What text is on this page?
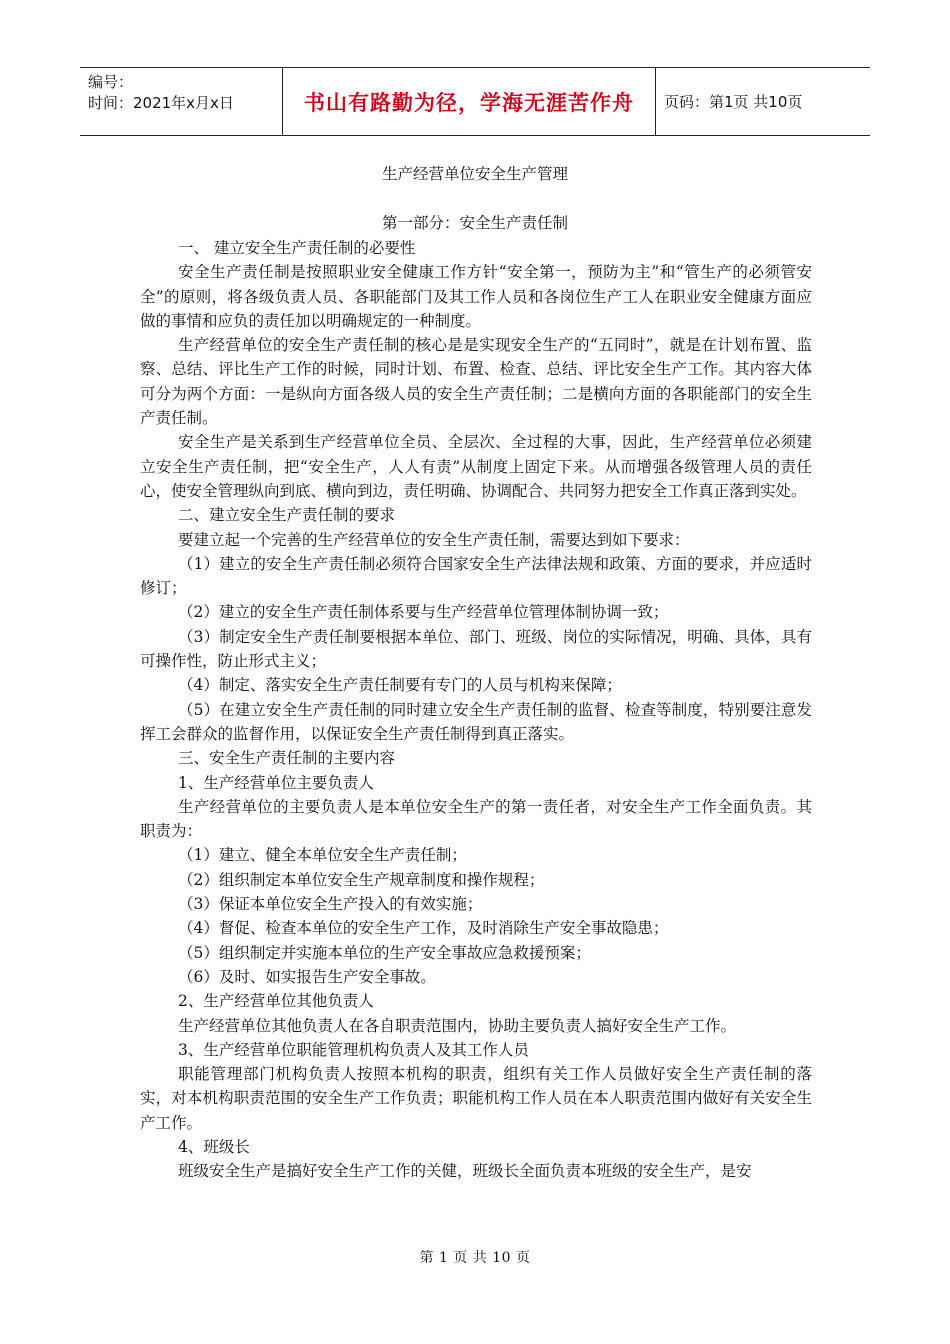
编号：
时间：2021年x月x日	书山有路勤为径，学海无涯苦作舟	页码：第1页 共10页
生产经营单位安全生产管理
第一部分：安全生产责任制

一、 建立安全生产责任制的必要性

安全生产责任制是按照职业安全健康工作方针“安全第一，预防为主”和“管生产的必须管安全”的原则，将各级负责人员、各职能部门及其工作人员和各岗位生产工人在职业安全健康方面应做的事情和应负的责任加以明确规定的一种制度。

生产经营单位的安全生产责任制的核心是是实现安全生产的“五同时”，就是在计划布置、监察、总结、评比生产工作的时候，同时计划、布置、检查、总结、评比安全生产工作。其内容大体可分为两个方面：一是纵向方面各级人员的安全生产责任制；二是横向方面的各职能部门的安全生产责任制。

安全生产是关系到生产经营单位全员、全层次、全过程的大事，因此，生产经营单位必须建立安全生产责任制，把“安全生产，人人有责”从制度上固定下来。从而增强各级管理人员的责任心，使安全管理纵向到底、横向到边，责任明确、协调配合、共同努力把安全工作真正落到实处。

二、建立安全生产责任制的要求

要建立起一个完善的生产经营单位的安全生产责任制，需要达到如下要求：

（1）建立的安全生产责任制必须符合国家安全生产法律法规和政策、方面的要求，并应适时修订；

（2）建立的安全生产责任制体系要与生产经营单位管理体制协调一致；

（3）制定安全生产责任制要根据本单位、部门、班级、岗位的实际情况，明确、具体，具有可操作性，防止形式主义；

（4）制定、落实安全生产责任制要有专门的人员与机构来保障；

（5）在建立安全生产责任制的同时建立安全生产责任制的监督、检查等制度，特别要注意发挥工会群众的监督作用，以保证安全生产责任制得到真正落实。

三、安全生产责任制的主要内容

1、生产经营单位主要负责人

生产经营单位的主要负责人是本单位安全生产的第一责任者，对安全生产工作全面负责。其职责为：

（1）建立、健全本单位安全生产责任制；

（2）组织制定本单位安全生产规章制度和操作规程；

（3）保证本单位安全生产投入的有效实施；

（4）督促、检查本单位的安全生产工作，及时消除生产安全事故隐患；

（5）组织制定并实施本单位的生产安全事故应急救援预案；

（6）及时、如实报告生产安全事故。

2、生产经营单位其他负责人

生产经营单位其他负责人在各自职责范围内，协助主要负责人搞好安全生产工作。

3、生产经营单位职能管理机构负责人及其工作人员

职能管理部门机构负责人按照本机构的职责，组织有关工作人员做好安全生产责任制的落实，对本机构职责范围的安全生产工作负责；职能机构工作人员在本人职责范围内做好有关安全生产工作。

4、班级长

班级安全生产是搞好安全生产工作的关健，班级长全面负责本班级的安全生产，是安

第 1 页 共 10 页
